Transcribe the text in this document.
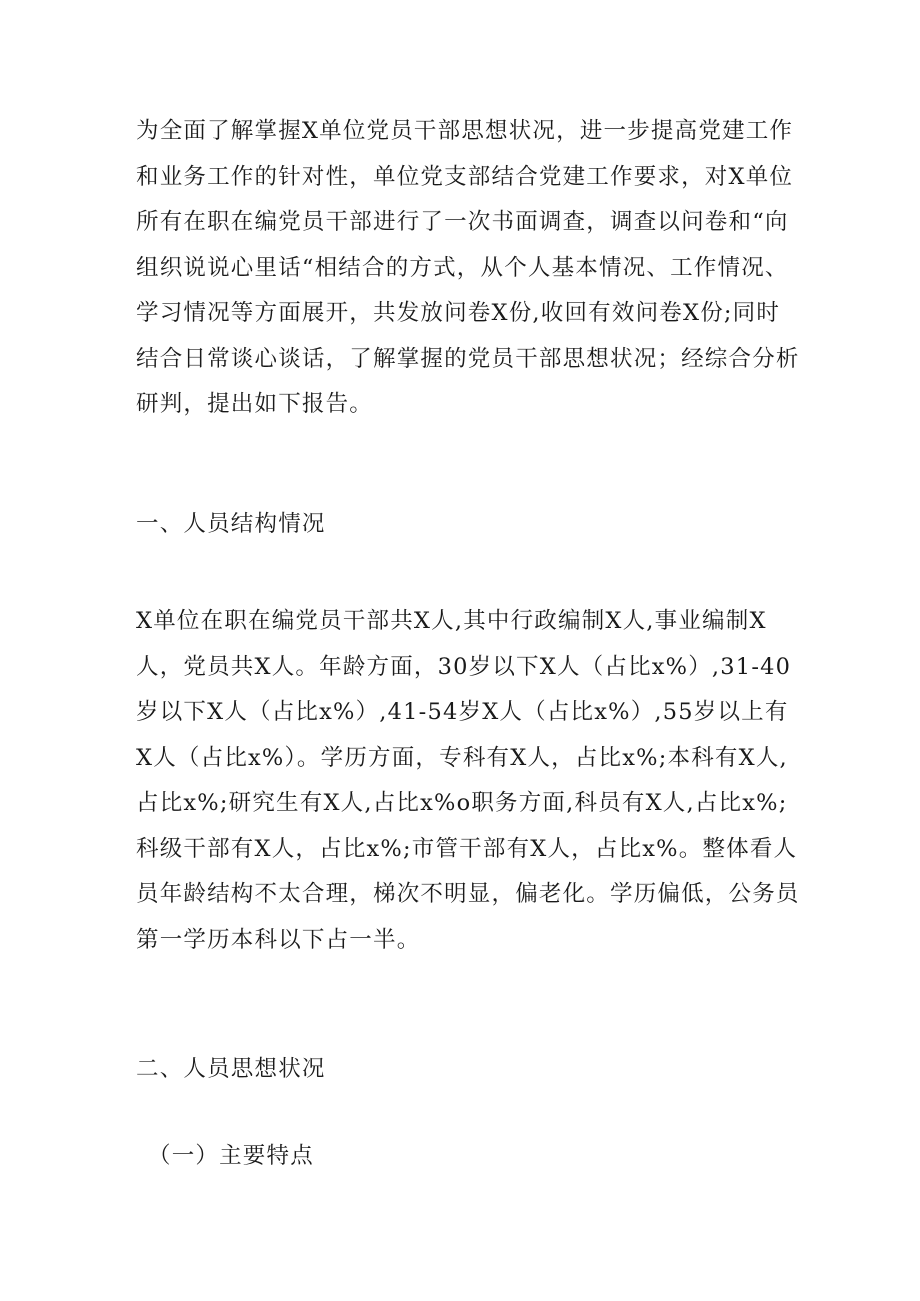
为全面了解掌握X单位党员干部思想状况，进一步提高党建工作
和业务工作的针对性，单位党支部结合党建工作要求，对X单位
所有在职在编党员干部进行了一次书面调查，调查以问卷和“向
组织说说心里话“相结合的方式，从个人基本情况、工作情况、
学习情况等方面展开，共发放问卷X份,收回有效问卷X份;同时
结合日常谈心谈话，了解掌握的党员干部思想状况；经综合分析
研判，提出如下报告。
一、人员结构情况
X单位在职在编党员干部共X人,其中行政编制X人,事业编制X
人，党员共X人。年龄方面，30岁以下X人（占比x%）,31-40
岁以下X人（占比x%）,41-54岁X人（占比x%）,55岁以上有
X人（占比x%）。学历方面，专科有X人，占比x%;本科有X人,
占比x%;研究生有X人,占比x%o职务方面,科员有X人,占比x%;
科级干部有X人，占比x%;市管干部有X人，占比x%。整体看人
员年龄结构不太合理，梯次不明显，偏老化。学历偏低，公务员
第一学历本科以下占一半。
二、人员思想状况
（一）主要特点
